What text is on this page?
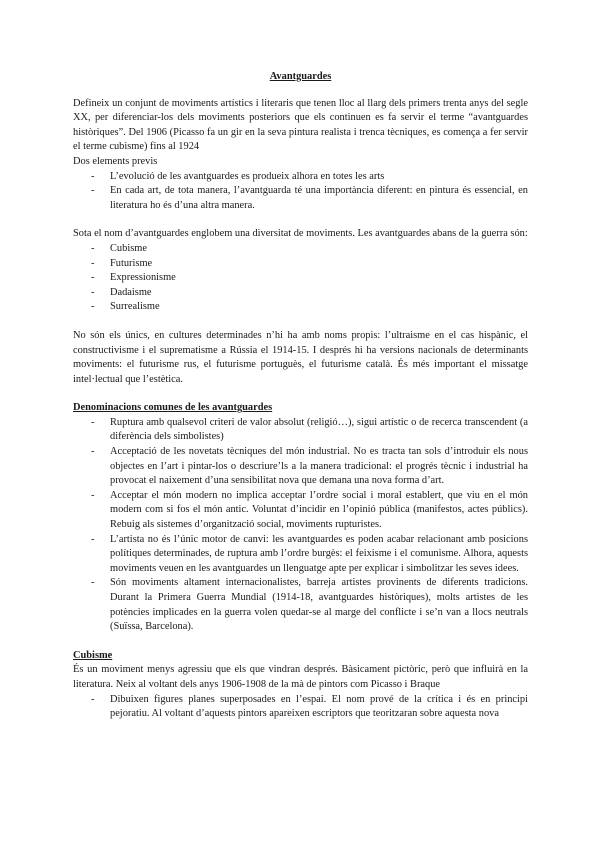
Avantguardes

Defineix un conjunt de moviments artístics i literaris que tenen lloc al llarg dels primers trenta anys del segle XX, per diferenciar-los dels moviments posteriors que els continuen es fa servir el terme “avantguardes històriques”. Del 1906 (Picasso fa un gir en la seva pintura realista i trenca tècniques, es comença a fer servir el terme cubisme) fins al 1924

Dos elements previs

- L’evolució de les avantguardes es produeix alhora en totes les arts
- En cada art, de tota manera, l’avantguarda té una importància diferent: en pintura és essencial, en literatura ho és d’una altra manera.

Sota el nom d’avantguardes englobem una diversitat de moviments. Les avantguardes abans de la guerra són:

- Cubisme
- Futurisme
- Expressionisme
- Dadaisme
- Surrealisme

No són els únics, en cultures determinades n’hi ha amb noms propis: l’ultraisme en el cas hispànic, el constructivisme i el suprematisme a Rússia el 1914-15. I després hi ha versions nacionals de determinants moviments: el futurisme rus, el futurisme portuguès, el futurisme català. És més important el missatge intel·lectual que l’estètica.

Denominacions comunes de les avantguardes

- Ruptura amb qualsevol criteri de valor absolut (religió…), sigui artístic o de recerca transcendent (a diferència dels simbolistes)
- Acceptació de les novetats tècniques del món industrial. No es tracta tan sols d’introduir els nous objectes en l’art i pintar-los o descriure’ls a la manera tradicional: el progrés tècnic i industrial ha provocat el naixement d’una sensibilitat nova que demana una nova forma d’art.
- Acceptar el món modern no implica acceptar l’ordre social i moral establert, que viu en el món modern com si fos el món antic. Voluntat d’incidir en l’opinió pública (manifestos, actes públics). Rebuig als sistemes d’organització social, moviments rupturistes.
- L’artista no és l’únic motor de canvi: les avantguardes es poden acabar relacionant amb posicions polítiques determinades, de ruptura amb l’ordre burgès: el feixisme i el comunisme. Alhora, aquests moviments veuen en les avantguardes un llenguatge apte per explicar i simbolitzar les seves idees.
- Són moviments altament internacionalistes, barreja artistes provinents de diferents tradicions. Durant la Primera Guerra Mundial (1914-18, avantguardes històriques), molts artistes de les potències implicades en la guerra volen quedar-se al marge del conflicte i se’n van a llocs neutrals (Suïssa, Barcelona).

Cubisme

És un moviment menys agressiu que els que vindran després. Bàsicament pictòric, però que influirà en la literatura. Neix al voltant dels anys 1906-1908 de la mà de pintors com Picasso i Braque

- Dibuixen figures planes superposades en l’espai. El nom prové de la crítica i és en principi pejoratiu. Al voltant d’aquests pintors apareixen escriptors que teoritzaran sobre aquesta nova
